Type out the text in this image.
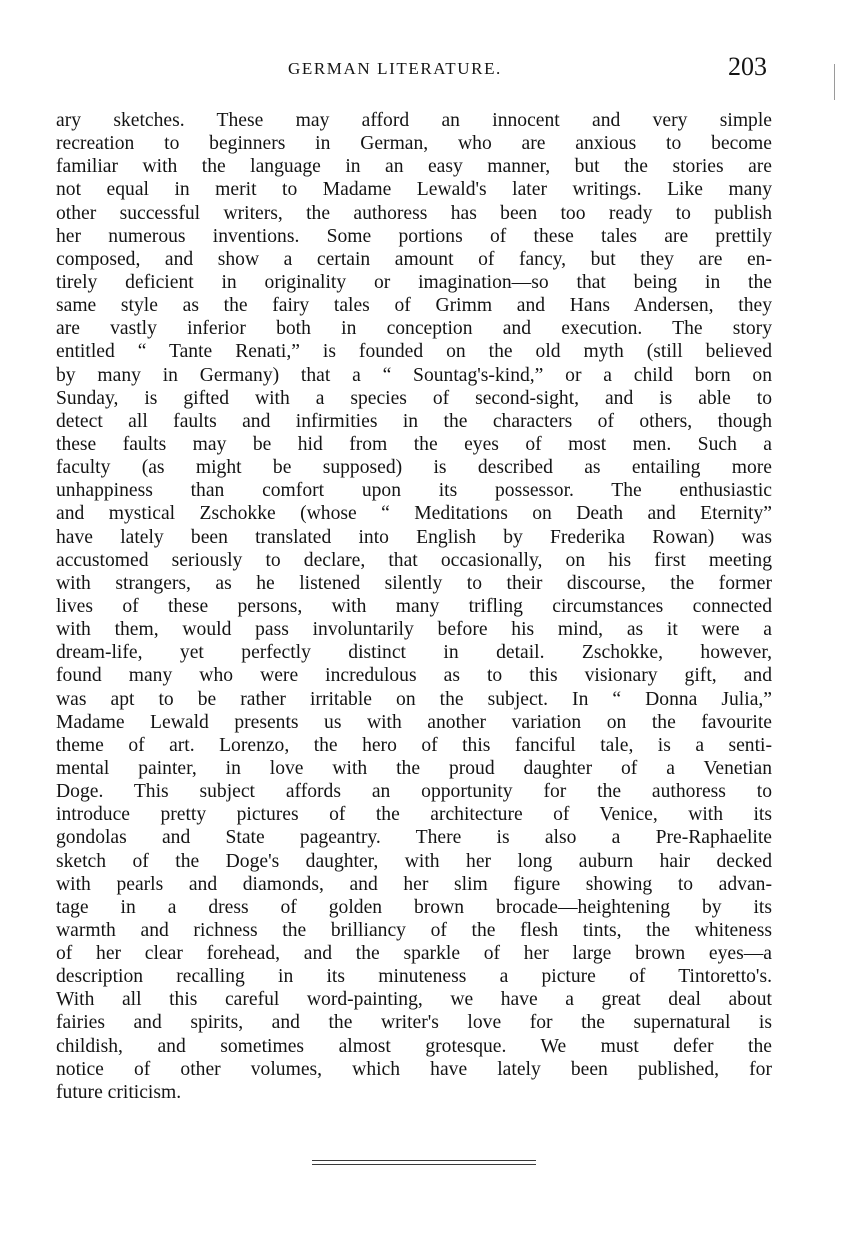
GERMAN LITERATURE.	203
ary sketches. These may afford an innocent and very simple
recreation to beginners in German, who are anxious to become
familiar with the language in an easy manner, but the stories are
not equal in merit to Madame Lewald's later writings. Like many
other successful writers, the authoress has been too ready to publish
her numerous inventions. Some portions of these tales are prettily
composed, and show a certain amount of fancy, but they are en-
tirely deficient in originality or imagination—so that being in the
same style as the fairy tales of Grimm and Hans Andersen, they
are vastly inferior both in conception and execution. The story
entitled “ Tante Renati,” is founded on the old myth (still believed
by many in Germany) that a “ Sountag's-kind,” or a child born on
Sunday, is gifted with a species of second-sight, and is able to
detect all faults and infirmities in the characters of others, though
these faults may be hid from the eyes of most men. Such a
faculty (as might be supposed) is described as entailing more
unhappiness than comfort upon its possessor. The enthusiastic
and mystical Zschokke (whose “ Meditations on Death and Eternity”
have lately been translated into English by Frederika Rowan) was
accustomed seriously to declare, that occasionally, on his first meeting
with strangers, as he listened silently to their discourse, the former
lives of these persons, with many trifling circumstances connected
with them, would pass involuntarily before his mind, as it were a
dream-life, yet perfectly distinct in detail. Zschokke, however,
found many who were incredulous as to this visionary gift, and
was apt to be rather irritable on the subject. In “ Donna Julia,”
Madame Lewald presents us with another variation on the favourite
theme of art. Lorenzo, the hero of this fanciful tale, is a senti-
mental painter, in love with the proud daughter of a Venetian
Doge. This subject affords an opportunity for the authoress to
introduce pretty pictures of the architecture of Venice, with its
gondolas and State pageantry. There is also a Pre-Raphaelite
sketch of the Doge's daughter, with her long auburn hair decked
with pearls and diamonds, and her slim figure showing to advan-
tage in a dress of golden brown brocade—heightening by its
warmth and richness the brilliancy of the flesh tints, the whiteness
of her clear forehead, and the sparkle of her large brown eyes—a
description recalling in its minuteness a picture of Tintoretto's.
With all this careful word-painting, we have a great deal about
fairies and spirits, and the writer's love for the supernatural is
childish, and sometimes almost grotesque. We must defer the
notice of other volumes, which have lately been published, for
future criticism.
